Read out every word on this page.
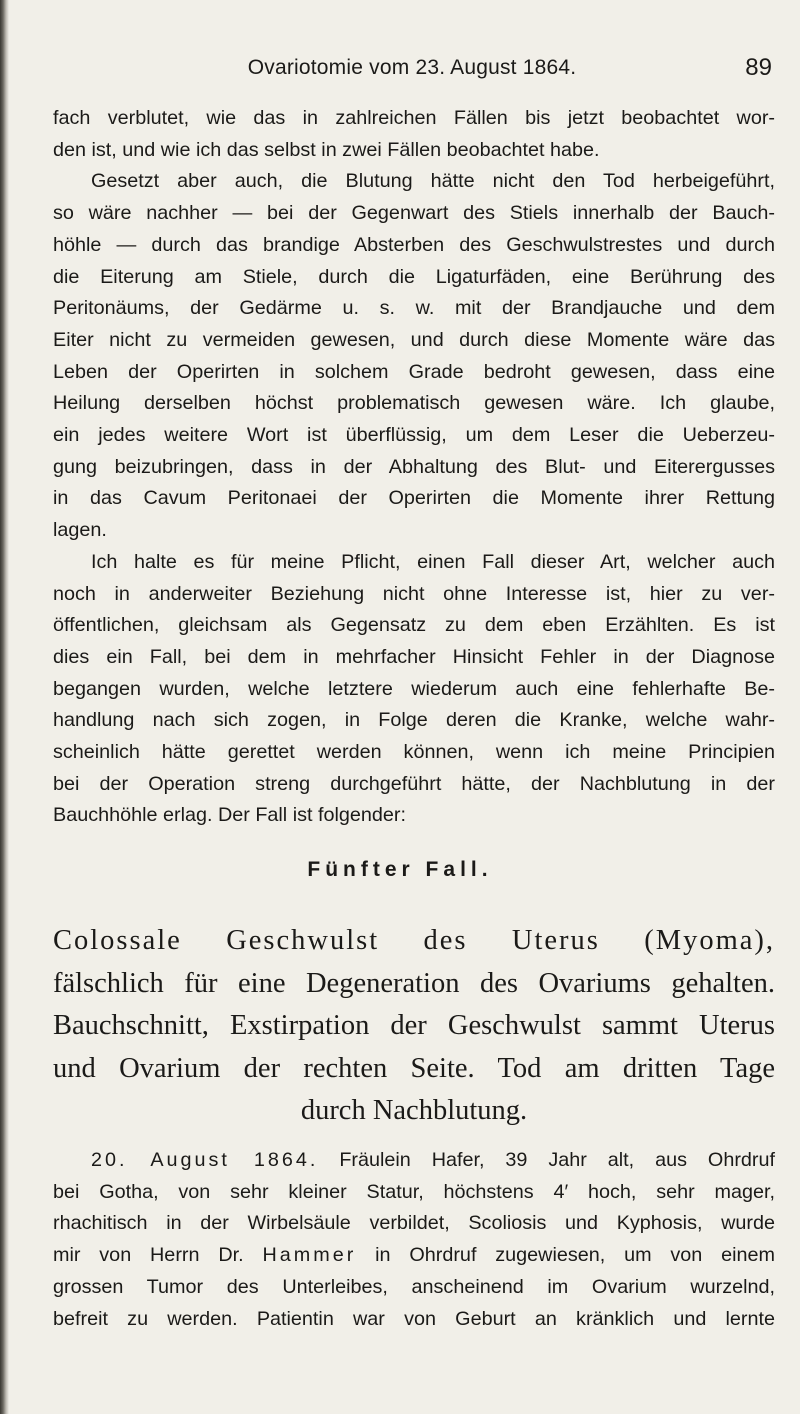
Ovariotomie vom 23. August 1864.	89
fach verblutet, wie das in zahlreichen Fällen bis jetzt beobachtet wor-
den ist, und wie ich das selbst in zwei Fällen beobachtet habe.
Gesetzt aber auch, die Blutung hätte nicht den Tod herbeigeführt,
so wäre nachher — bei der Gegenwart des Stiels innerhalb der Bauch-
höhle — durch das brandige Absterben des Geschwulstrestes und durch
die Eiterung am Stiele, durch die Ligaturfäden, eine Berührung des
Peritonäums, der Gedärme u. s. w. mit der Brandjauche und dem
Eiter nicht zu vermeiden gewesen, und durch diese Momente wäre das
Leben der Operirten in solchem Grade bedroht gewesen, dass eine
Heilung derselben höchst problematisch gewesen wäre. Ich glaube,
ein jedes weitere Wort ist überflüssig, um dem Leser die Ueberzeu-
gung beizubringen, dass in der Abhaltung des Blut- und Eiterergusses
in das Cavum Peritonaei der Operirten die Momente ihrer Rettung
lagen.
Ich halte es für meine Pflicht, einen Fall dieser Art, welcher auch
noch in anderweiter Beziehung nicht ohne Interesse ist, hier zu ver-
öffentlichen, gleichsam als Gegensatz zu dem eben Erzählten. Es ist
dies ein Fall, bei dem in mehrfacher Hinsicht Fehler in der Diagnose
begangen wurden, welche letztere wiederum auch eine fehlerhafte Be-
handlung nach sich zogen, in Folge deren die Kranke, welche wahr-
scheinlich hätte gerettet werden können, wenn ich meine Principien
bei der Operation streng durchgeführt hätte, der Nachblutung in der
Bauchhöhle erlag. Der Fall ist folgender:
Fünfter Fall.
Colossale Geschwulst des Uterus (Myoma),
fälschlich für eine Degeneration des Ovariums gehalten.
Bauchschnitt, Exstirpation der Geschwulst sammt Uterus
und Ovarium der rechten Seite. Tod am dritten Tage
durch Nachblutung.
20. August 1864. Fräulein Hafer, 39 Jahr alt, aus Ohrdruf
bei Gotha, von sehr kleiner Statur, höchstens 4′ hoch, sehr mager,
rhachitisch in der Wirbelsäule verbildet, Scoliosis und Kyphosis, wurde
mir von Herrn Dr. Hammer in Ohrdruf zugewiesen, um von einem
grossen Tumor des Unterleibes, anscheinend im Ovarium wurzelnd,
befreit zu werden. Patientin war von Geburt an kränklich und lernte
